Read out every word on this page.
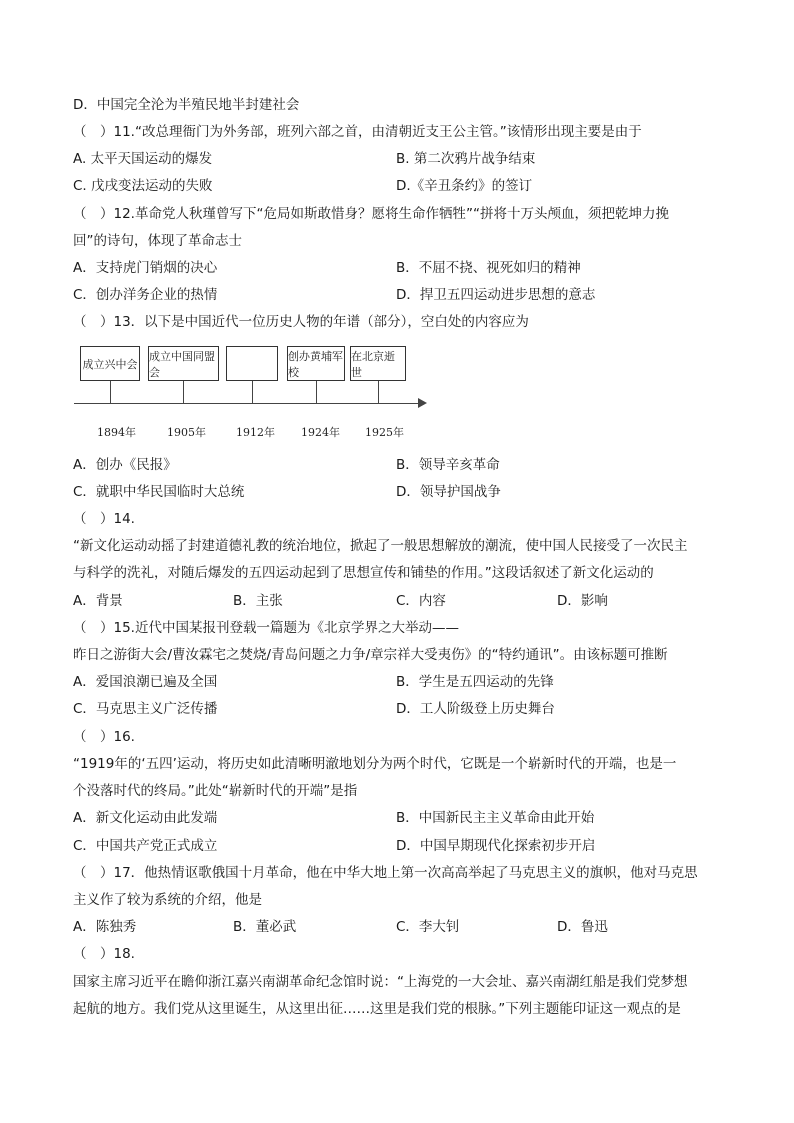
D．中国完全沦为半殖民地半封建社会
（　）11.“改总理衙门为外务部，班列六部之首，由清朝近支王公主管。”该情形出现主要是由于
A. 太平天国运动的爆发	B. 第二次鸦片战争结束
C. 戊戌变法运动的失败	D.《辛丑条约》的签订
（　）12.革命党人秋瑾曾写下“危局如斯敢惜身？愿将生命作牺牲”“拼将十万头颅血，须把乾坤力挽
回”的诗句，体现了革命志士
A．支持虎门销烟的决心	B．不屈不挠、视死如归的精神
C．创办洋务企业的热情	D．捍卫五四运动进步思想的意志
（　）13．以下是中国近代一位历史人物的年谱（部分），空白处的内容应为
成立兴中会
成立中国同盟会
创办黄埔军校
在北京逝世
1894年	1905年	1912年 1924年 1925年
A．创办《民报》	B．领导辛亥革命
C．就职中华民国临时大总统	D．领导护国战争
（　）14.
“新文化运动动摇了封建道德礼教的统治地位，掀起了一般思想解放的潮流，使中国人民接受了一次民主
与科学的洗礼，对随后爆发的五四运动起到了思想宣传和铺垫的作用。”这段话叙述了新文化运动的
A．背景	B．主张	C．内容	D．影响
（　）15.近代中国某报刊登载一篇题为《北京学界之大举动——
昨日之游街大会/曹汝霖宅之焚烧/青岛问题之力争/章宗祥大受夷伤》的“特约通讯”。由该标题可推断
A．爱国浪潮已遍及全国	B．学生是五四运动的先锋
C．马克思主义广泛传播	D．工人阶级登上历史舞台
（　）16.
“1919年的‘五四’运动，将历史如此清晰明澈地划分为两个时代，它既是一个崭新时代的开端，也是一
个没落时代的终局。”此处“崭新时代的开端”是指
A．新文化运动由此发端	B．中国新民主主义革命由此开始
C．中国共产党正式成立	D．中国早期现代化探索初步开启
（　）17．他热情讴歌俄国十月革命，他在中华大地上第一次高高举起了马克思主义的旗帜，他对马克思
主义作了较为系统的介绍，他是
A．陈独秀	B．董必武	C．李大钊	D．鲁迅
（　）18.
国家主席习近平在瞻仰浙江嘉兴南湖革命纪念馆时说：“上海党的一大会址、嘉兴南湖红船是我们党梦想
起航的地方。我们党从这里诞生，从这里出征……这里是我们党的根脉。”下列主题能印证这一观点的是
